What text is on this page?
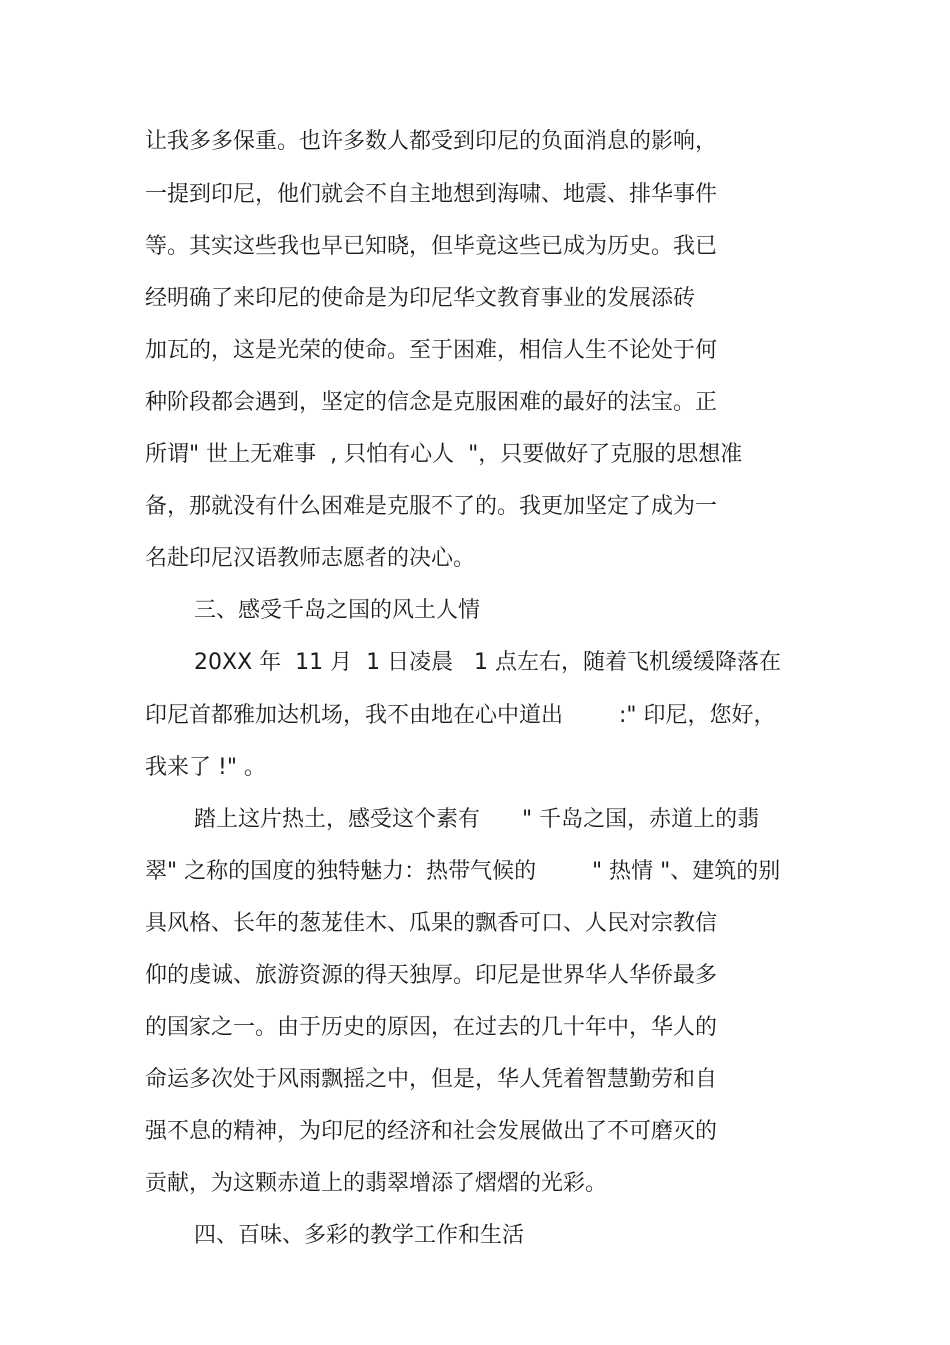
让我多多保重。也许多数人都受到印尼的负面消息的影响，

一提到印尼，他们就会不自主地想到海啸、地震、排华事件

等。其实这些我也早已知晓，但毕竟这些已成为历史。我已

经明确了来印尼的使命是为印尼华文教育事业的发展添砖

加瓦的，这是光荣的使命。至于困难，相信人生不论处于何

种阶段都会遇到，坚定的信念是克服困难的最好的法宝。正

所谓" 世上无难事  , 只怕有心人  "，只要做好了克服的思想准

备，那就没有什么困难是克服不了的。我更加坚定了成为一

名赴印尼汉语教师志愿者的决心。

三、感受千岛之国的风土人情

20XX 年  11 月  1 日凌晨   1 点左右，随着飞机缓缓降落在

印尼首都雅加达机场，我不由地在心中道出        :" 印尼，您好，

我来了 !" 。

踏上这片热土，感受这个素有      " 千岛之国，赤道上的翡

翠" 之称的国度的独特魅力：热带气候的        " 热情 "、建筑的别

具风格、长年的葱茏佳木、瓜果的飘香可口、人民对宗教信

仰的虔诚、旅游资源的得天独厚。印尼是世界华人华侨最多

的国家之一。由于历史的原因，在过去的几十年中，华人的

命运多次处于风雨飘摇之中，但是，华人凭着智慧勤劳和自

强不息的精神，为印尼的经济和社会发展做出了不可磨灭的

贡献，为这颗赤道上的翡翠增添了熠熠的光彩。

四、百味、多彩的教学工作和生活
